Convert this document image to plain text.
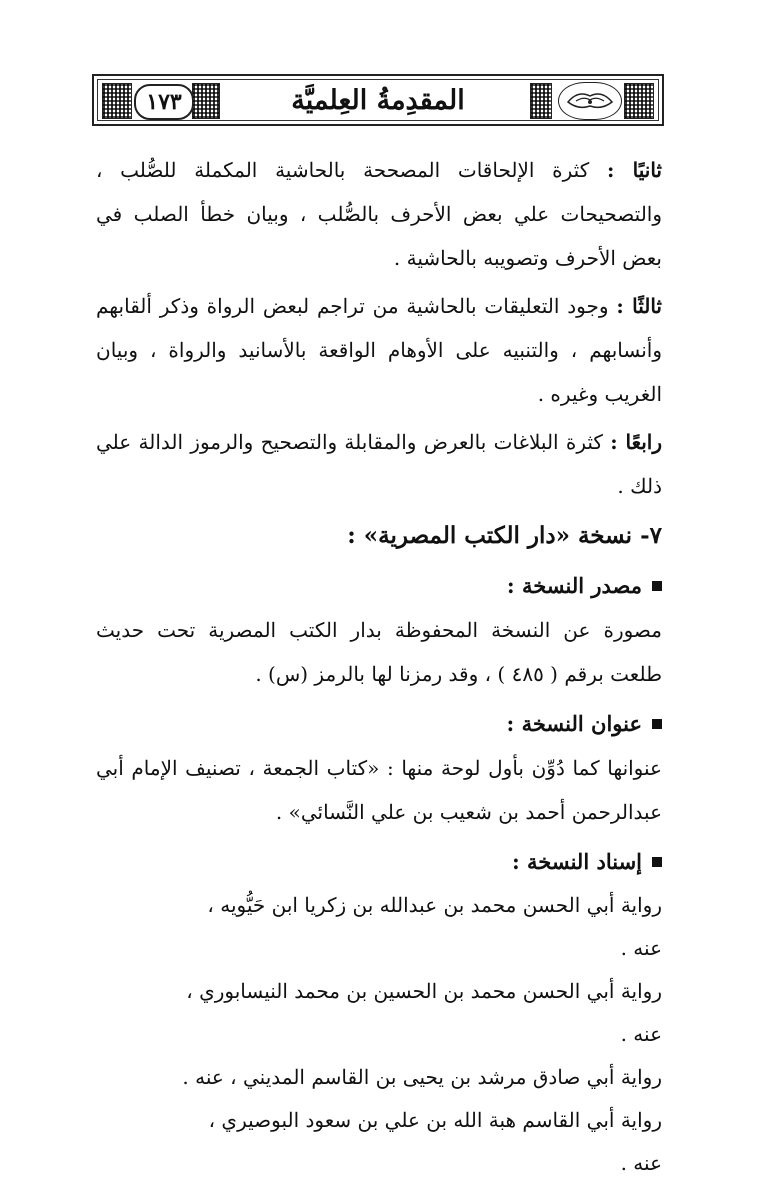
١٧٣	المقدِمةُ العِلميَّة

ثانيًا : كثرة الإلحاقات المصححة بالحاشية المكملة للصُّلب ، والتصحيحات علي بعض الأحرف بالصُّلب ، وبيان خطأ الصلب في بعض الأحرف وتصويبه بالحاشية .

ثالثًا : وجود التعليقات بالحاشية من تراجم لبعض الرواة وذكر ألقابهم وأنسابهم ، والتنبيه على الأوهام الواقعة بالأسانيد والرواة ، وبيان الغريب وغيره .

رابعًا : كثرة البلاغات بالعرض والمقابلة والتصحيح والرموز الدالة علي ذلك .

٧- نسخة «دار الكتب المصرية» :

مصدر النسخة :

مصورة عن النسخة المحفوظة بدار الكتب المصرية تحت حديث طلعت برقم ( ٤٨٥ ) ، وقد رمزنا لها بالرمز (س) .

عنوان النسخة :

عنوانها كما دُوِّن بأول لوحة منها : «كتاب الجمعة ، تصنيف الإمام أبي عبدالرحمن أحمد بن شعيب بن علي النَّسائي» .

إسناد النسخة :

رواية أبي الحسن محمد بن عبدالله بن زكريا ابن حَيُّويه ، عنه .

رواية أبي الحسن محمد بن الحسين بن محمد النيسابوري ، عنه .

رواية أبي صادق مرشد بن يحيى بن القاسم المديني ، عنه .

رواية أبي القاسم هبة الله بن علي بن سعود البوصيري ، عنه .
